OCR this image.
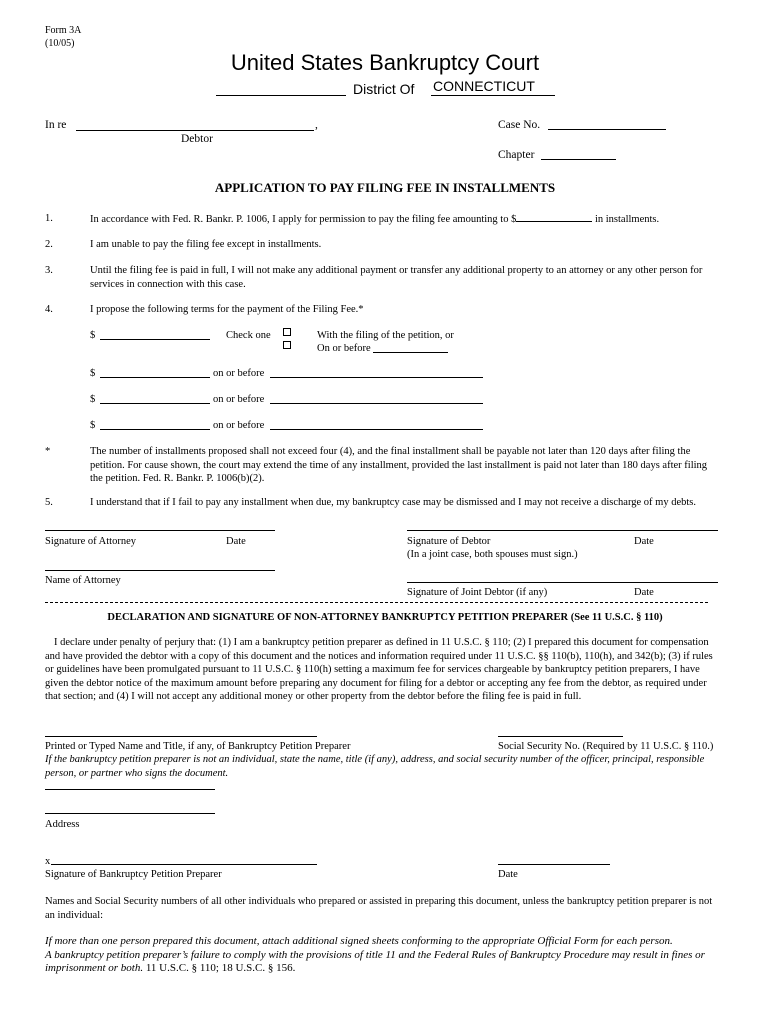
Form 3A
(10/05)
United States Bankruptcy Court
District Of CONNECTICUT
In re	,
Debtor
Case No.
Chapter
APPLICATION TO PAY FILING FEE IN INSTALLMENTS
1.	In accordance with Fed. R. Bankr. P. 1006, I apply for permission to pay the filing fee amounting to $	in installments.
2.	I am unable to pay the filing fee except in installments.
3.	Until the filing fee is paid in full, I will not make any additional payment or transfer any additional property to an attorney or any other person for services in connection with this case.
4.	I propose the following terms for the payment of the Filing Fee.*
$	Check one	With the filing of the petition, or
On or before
$	on or before
$	on or before
$	on or before
*	The number of installments proposed shall not exceed four (4), and the final installment shall be payable not later than 120 days after filing the petition. For cause shown, the court may extend the time of any installment, provided the last installment is paid not later than 180 days after filing the petition. Fed. R. Bankr. P. 1006(b)(2).
5.	I understand that if I fail to pay any installment when due, my bankruptcy case may be dismissed and I may not receive a discharge of my debts.
Signature of Attorney	Date	Signature of Debtor	Date
(In a joint case, both spouses must sign.)
Name of Attorney
Signature of Joint Debtor (if any)	Date
DECLARATION AND SIGNATURE OF NON-ATTORNEY BANKRUPTCY PETITION PREPARER (See 11 U.S.C. § 110)
I declare under penalty of perjury that: (1) I am a bankruptcy petition preparer as defined in 11 U.S.C. § 110; (2) I prepared this document for compensation and have provided the debtor with a copy of this document and the notices and information required under 11 U.S.C. §§ 110(b), 110(h), and 342(b); (3) if rules or guidelines have been promulgated pursuant to 11 U.S.C. § 110(h) setting a maximum fee for services chargeable by bankruptcy petition preparers, I have given the debtor notice of the maximum amount before preparing any document for filing for a debtor or accepting any fee from the debtor, as required under that section; and (4) I will not accept any additional money or other property from the debtor before the filing fee is paid in full.
Printed or Typed Name and Title, if any, of Bankruptcy Petition Preparer	Social Security No. (Required by 11 U.S.C. § 110.)
If the bankruptcy petition preparer is not an individual, state the name, title (if any), address, and social security number of the officer, principal, responsible person, or partner who signs the document.
Address
x
Signature of Bankruptcy Petition Preparer	Date
Names and Social Security numbers of all other individuals who prepared or assisted in preparing this document, unless the bankruptcy petition preparer is not an individual:
If more than one person prepared this document, attach additional signed sheets conforming to the appropriate Official Form for each person.
A bankruptcy petition preparer’s failure to comply with the provisions of title 11 and the Federal Rules of Bankruptcy Procedure may result in fines or imprisonment or both. 11 U.S.C. § 110; 18 U.S.C. § 156.
